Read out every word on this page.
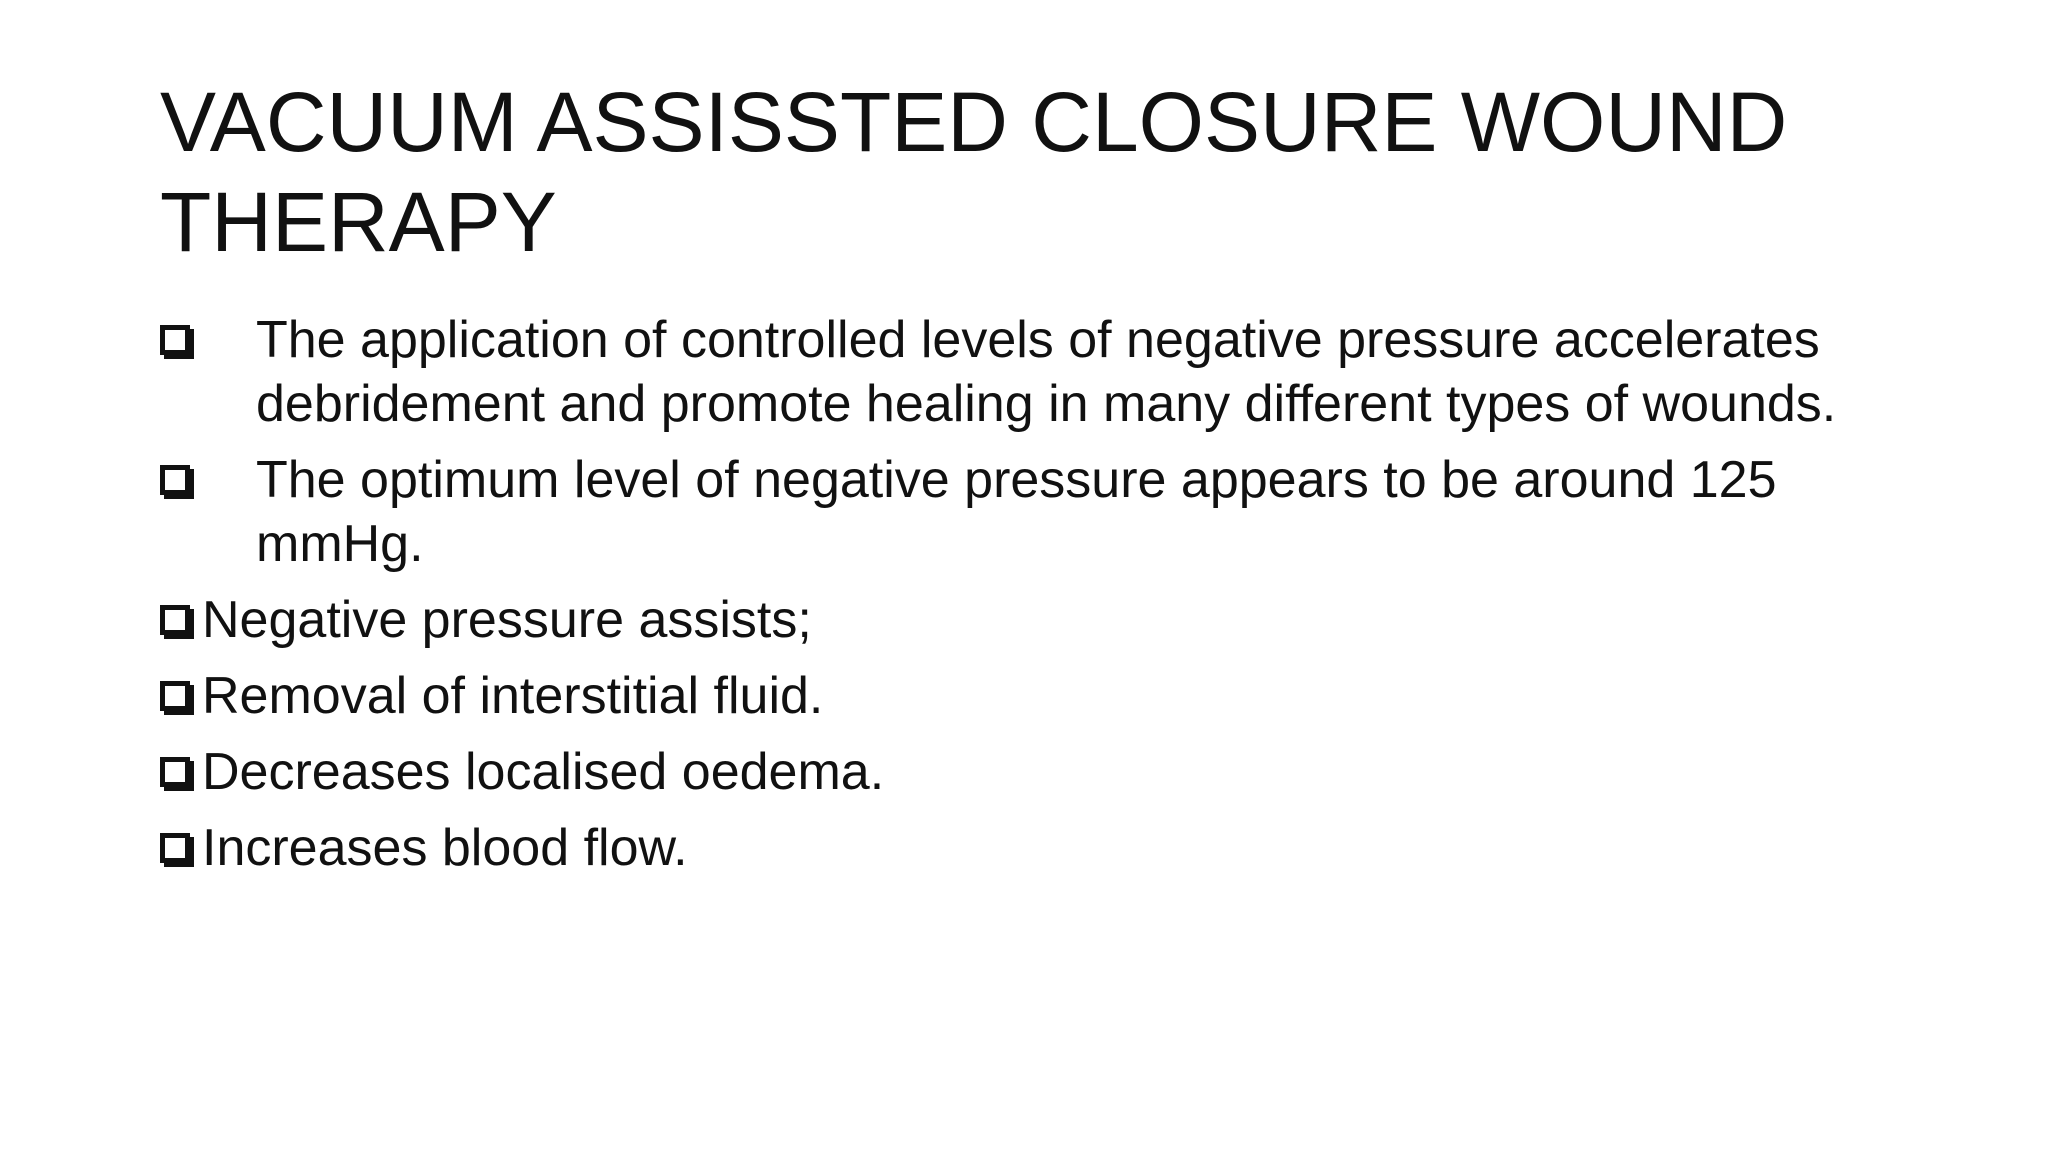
VACUUM ASSISSTED CLOSURE WOUND THERAPY
The application of controlled levels of negative pressure accelerates debridement and promote healing in many different types of wounds.
The optimum level of negative pressure appears to be around 125 mmHg.
Negative pressure assists;
Removal of interstitial fluid.
Decreases localised oedema.
Increases blood flow.
